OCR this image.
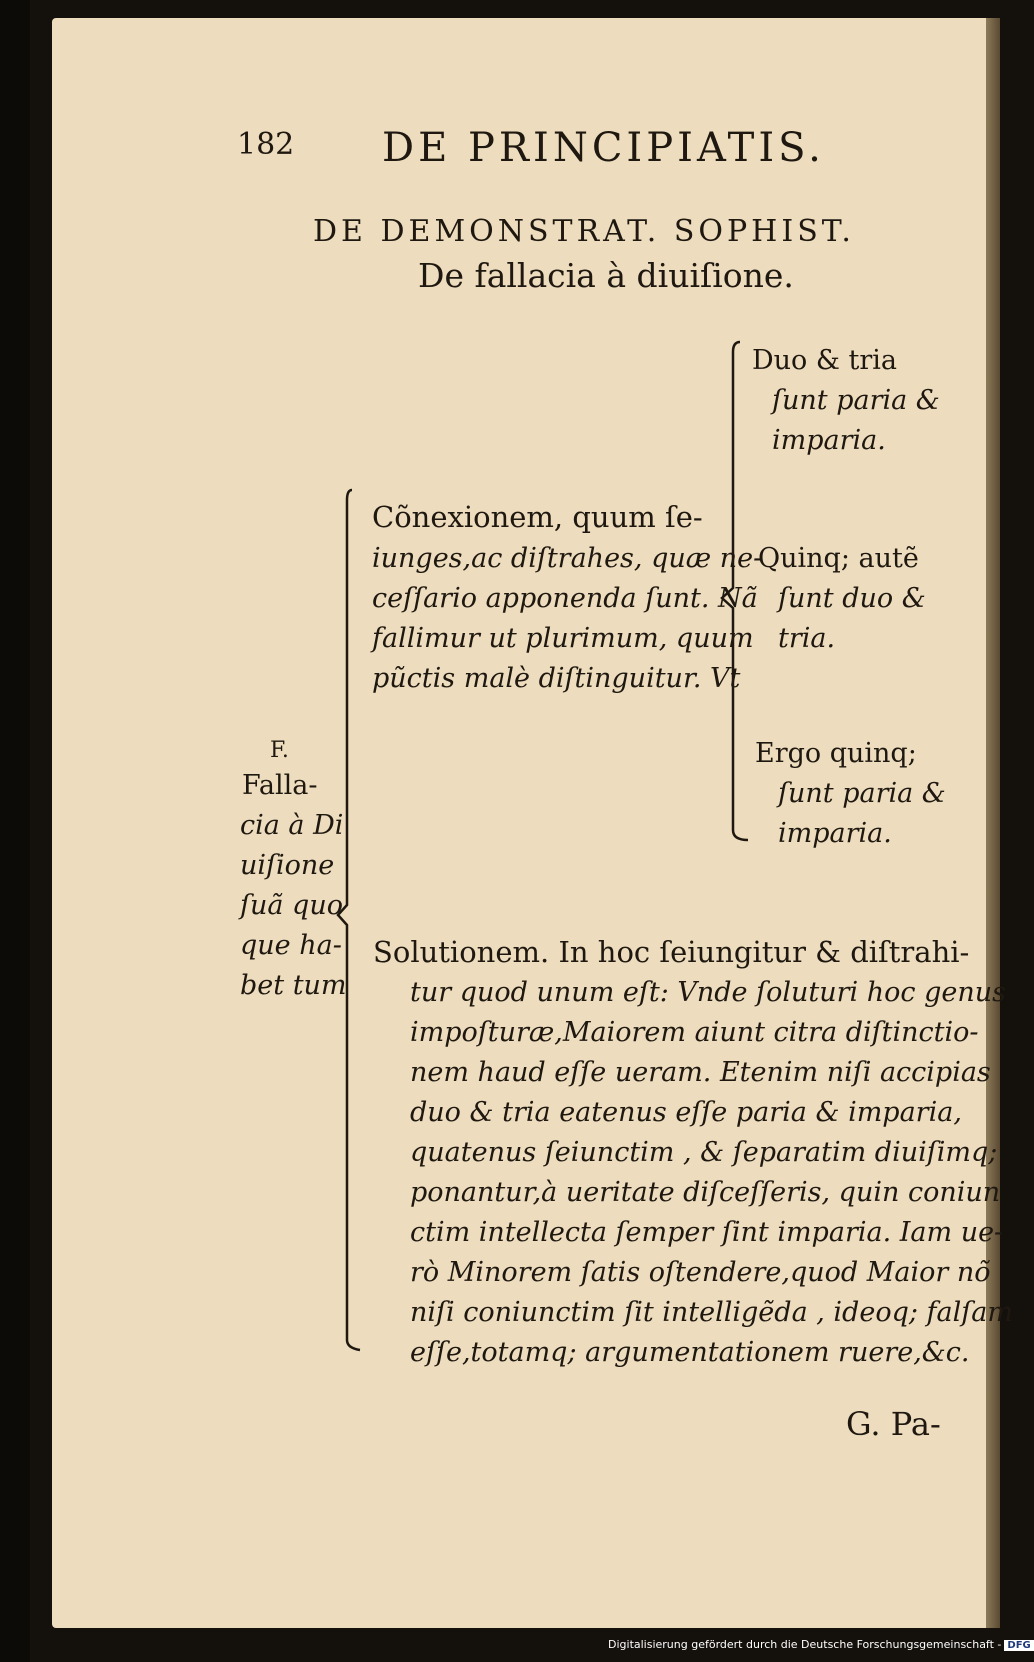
182 DE PRINCIPIATIS.
DE DEMONSTRAT. SOPHIST.
De fallacia à diuiſione.
F.
Falla-
cia à Di
uiſione
ſuã quo
que ha-
bet tum
Cõnexionem, quum ſe-
iunges,ac diſtrahes, quæ ne-
ceſſario apponenda ſunt. Nã
fallimur ut plurimum, quum
pũctis malè diſtinguitur. Vt
Duo & tria
ſunt paria &
imparia.
Quinq; autẽ
ſunt duo &
tria.
Ergo quinq;
ſunt paria &
imparia.
Solutionem. In hoc ſeiungitur & diſtrahi-
tur quod unum eſt: Vnde ſoluturi hoc genus
impoſturæ,Maiorem aiunt citra diſtinctio-
nem haud eſſe ueram. Etenim niſi accipias
duo & tria eatenus eſſe paria & imparia,
quatenus ſeiunctim , & ſeparatim diuiſimq;
ponantur,à ueritate diſceſſeris, quin coniun
ctim intellecta ſemper ſint imparia. Iam ue-
rò Minorem ſatis oſtendere,quod Maior nõ
niſi coniunctim ſit intelligẽda , ideoq; falſam
eſſe,totamq; argumentationem ruere,&c.
G. Pa-
Digitalisierung gefördert durch die Deutsche Forschungsgemeinschaft - DFG
